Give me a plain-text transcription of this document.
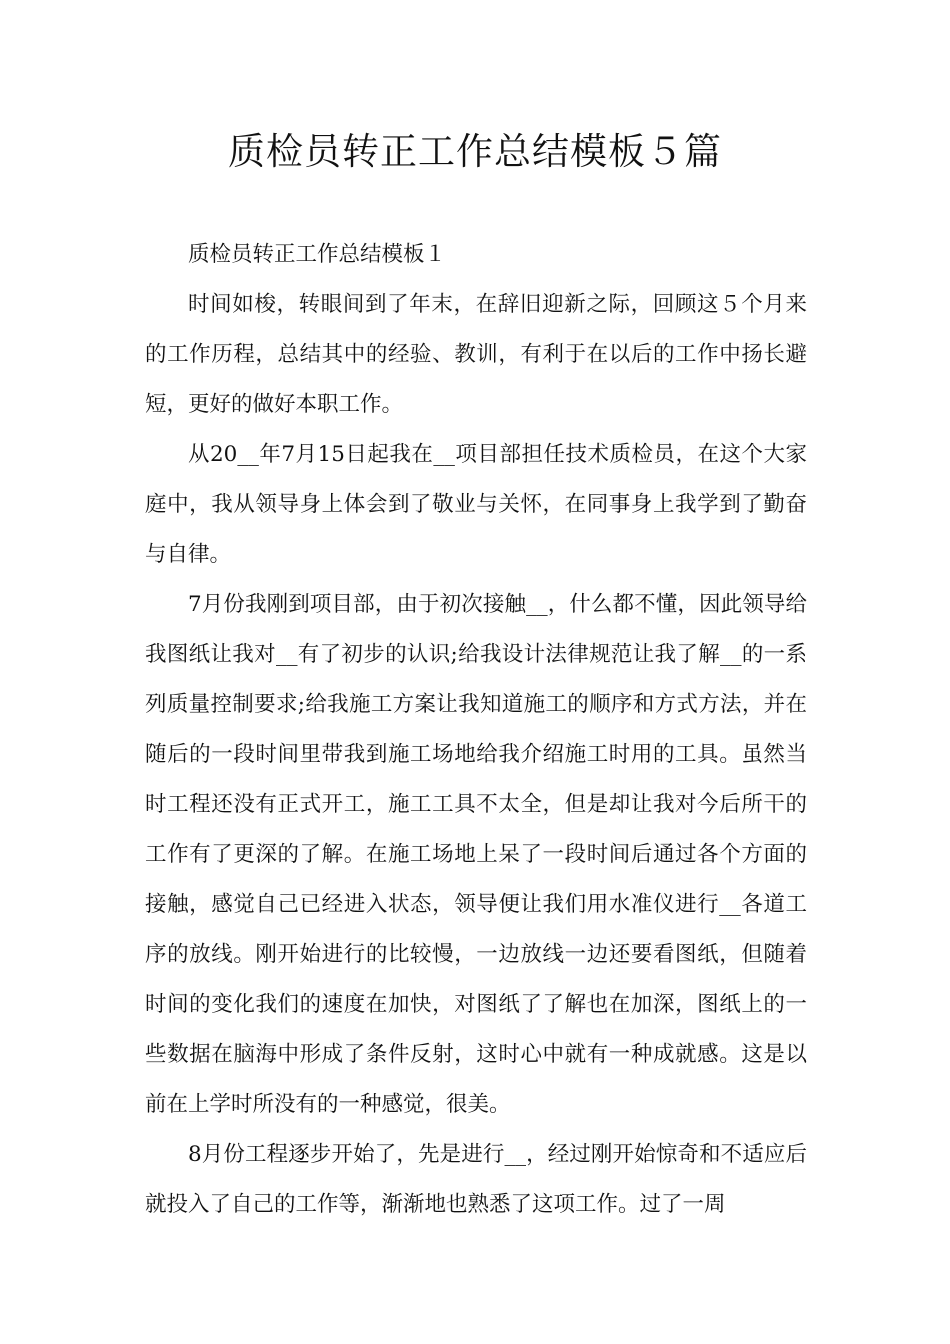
质检员转正工作总结模板５篇

质检员转正工作总结模板１

时间如梭，转眼间到了年末，在辞旧迎新之际，回顾这５个月来的工作历程，总结其中的经验、教训，有利于在以后的工作中扬长避短，更好的做好本职工作。

从20__年7月15日起我在__项目部担任技术质检员，在这个大家庭中，我从领导身上体会到了敬业与关怀，在同事身上我学到了勤奋与自律。

7月份我刚到项目部，由于初次接触__，什么都不懂，因此领导给我图纸让我对__有了初步的认识;给我设计法律规范让我了解__的一系列质量控制要求;给我施工方案让我知道施工的顺序和方式方法，并在随后的一段时间里带我到施工场地给我介绍施工时用的工具。虽然当时工程还没有正式开工，施工工具不太全，但是却让我对今后所干的工作有了更深的了解。在施工场地上呆了一段时间后通过各个方面的接触，感觉自己已经进入状态，领导便让我们用水准仪进行__各道工序的放线。刚开始进行的比较慢，一边放线一边还要看图纸，但随着时间的变化我们的速度在加快，对图纸了了解也在加深，图纸上的一些数据在脑海中形成了条件反射，这时心中就有一种成就感。这是以前在上学时所没有的一种感觉，很美。

8月份工程逐步开始了，先是进行__，经过刚开始惊奇和不适应后就投入了自己的工作等，渐渐地也熟悉了这项工作。过了一周
